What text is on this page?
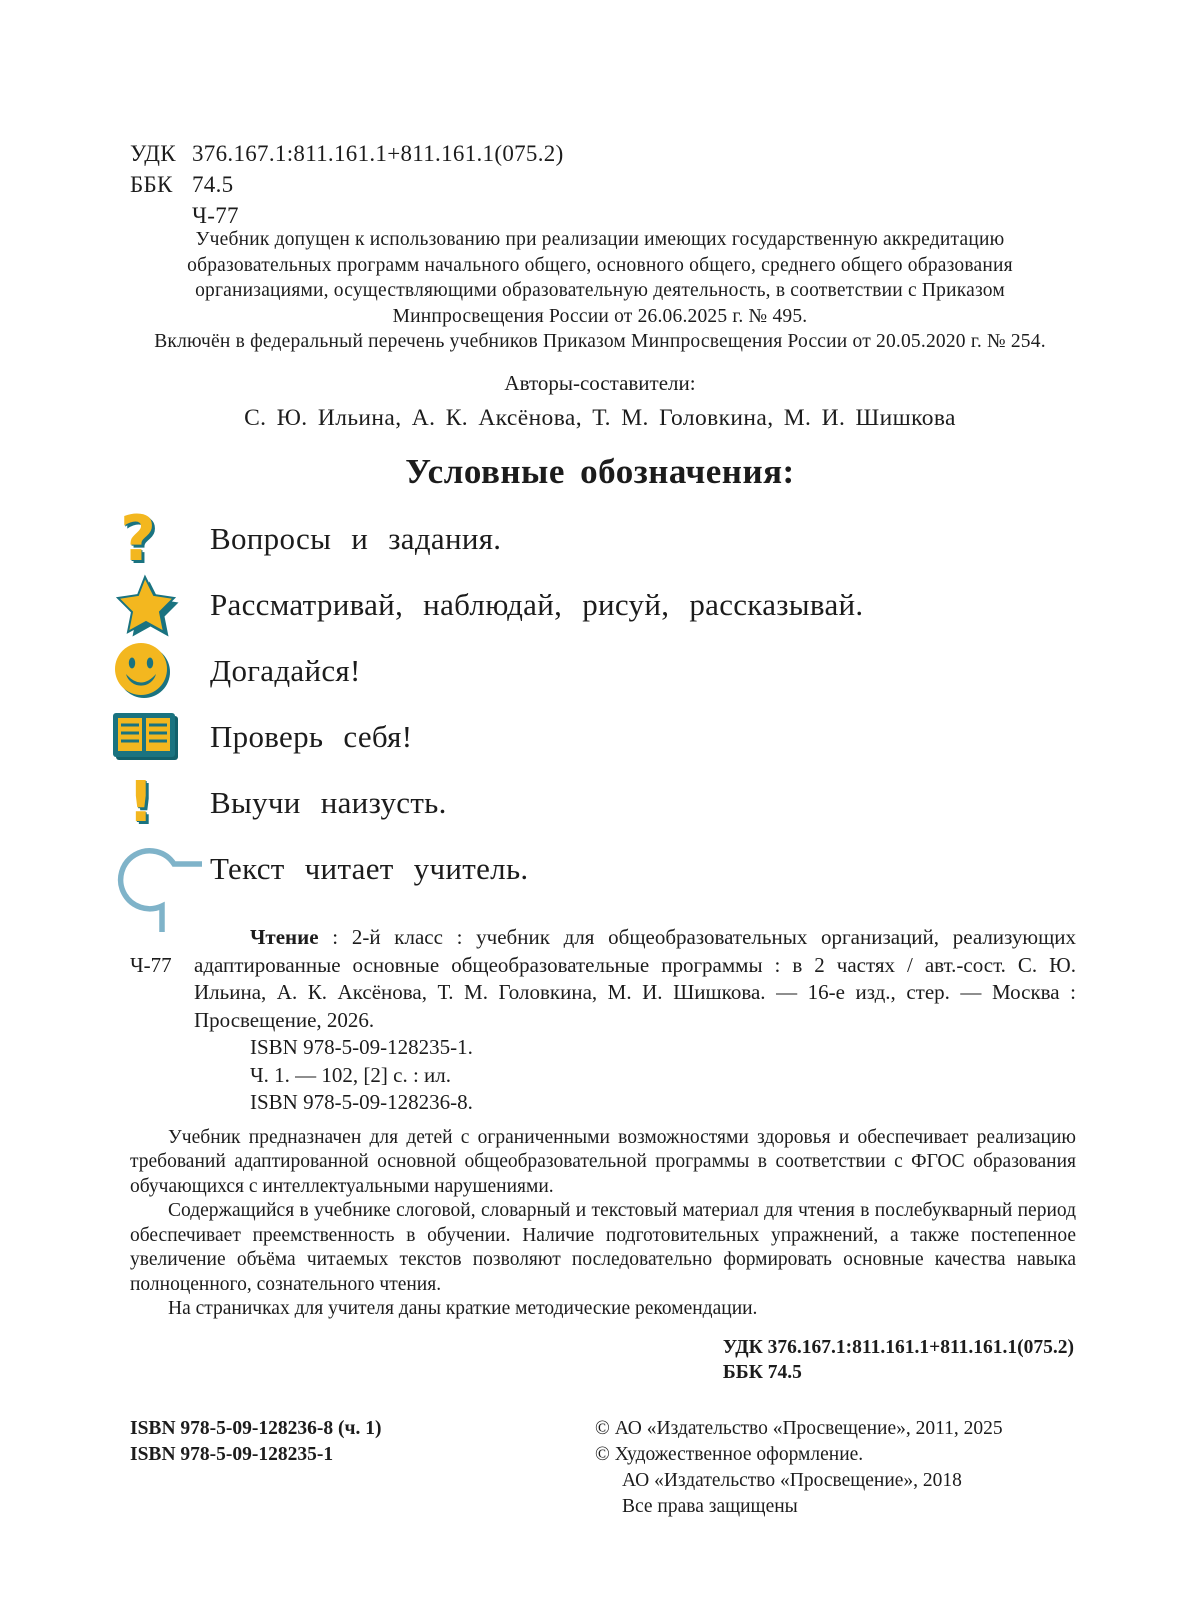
УДК 376.167.1:811.161.1+811.161.1(075.2)
ББК 74.5
Ч-77
Учебник допущен к использованию при реализации имеющих государственную аккредитацию образовательных программ начального общего, основного общего, среднего общего образования организациями, осуществляющими образовательную деятельность, в соответствии с Приказом Минпросвещения России от 26.06.2025 г. № 495.
Включён в федеральный перечень учебников Приказом Минпросвещения России от 20.05.2020 г. № 254.
Авторы-составители:
С. Ю. Ильина, А. К. Аксёнова, Т. М. Головкина, М. И. Шишкова
Условные обозначения:
? Вопросы и задания.
Рассматривай, наблюдай, рисуй, рассказывай.
Догадайся!
Проверь себя!
! Выучи наизусть.
Текст читает учитель.
Ч-77
Чтение : 2-й класс : учебник для общеобразовательных организаций, реализующих адаптированные основные общеобразовательные программы : в 2 частях / авт.-сост. С. Ю. Ильина, А. К. Аксёнова, Т. М. Головкина, М. И. Шишкова. — 16-е изд., стер. — Москва : Просвещение, 2026.
ISBN 978-5-09-128235-1.
Ч. 1. — 102, [2] с. : ил.
ISBN 978-5-09-128236-8.

Учебник предназначен для детей с ограниченными возможностями здоровья и обеспечивает реализацию требований адаптированной основной общеобразовательной программы в соответствии с ФГОС образования обучающихся с интеллектуальными нарушениями.

Содержащийся в учебнике слоговой, словарный и текстовый материал для чтения в послебукварный период обеспечивает преемственность в обучении. Наличие подготовительных упражнений, а также постепенное увеличение объёма читаемых текстов позволяют последовательно формировать основные качества навыка полноценного, сознательного чтения.

На страничках для учителя даны краткие методические рекомендации.

УДК 376.167.1:811.161.1+811.161.1(075.2)
ББК 74.5
ISBN 978-5-09-128236-8 (ч. 1)
ISBN 978-5-09-128235-1
© АО «Издательство «Просвещение», 2011, 2025
© Художественное оформление.
АО «Издательство «Просвещение», 2018
Все права защищены
